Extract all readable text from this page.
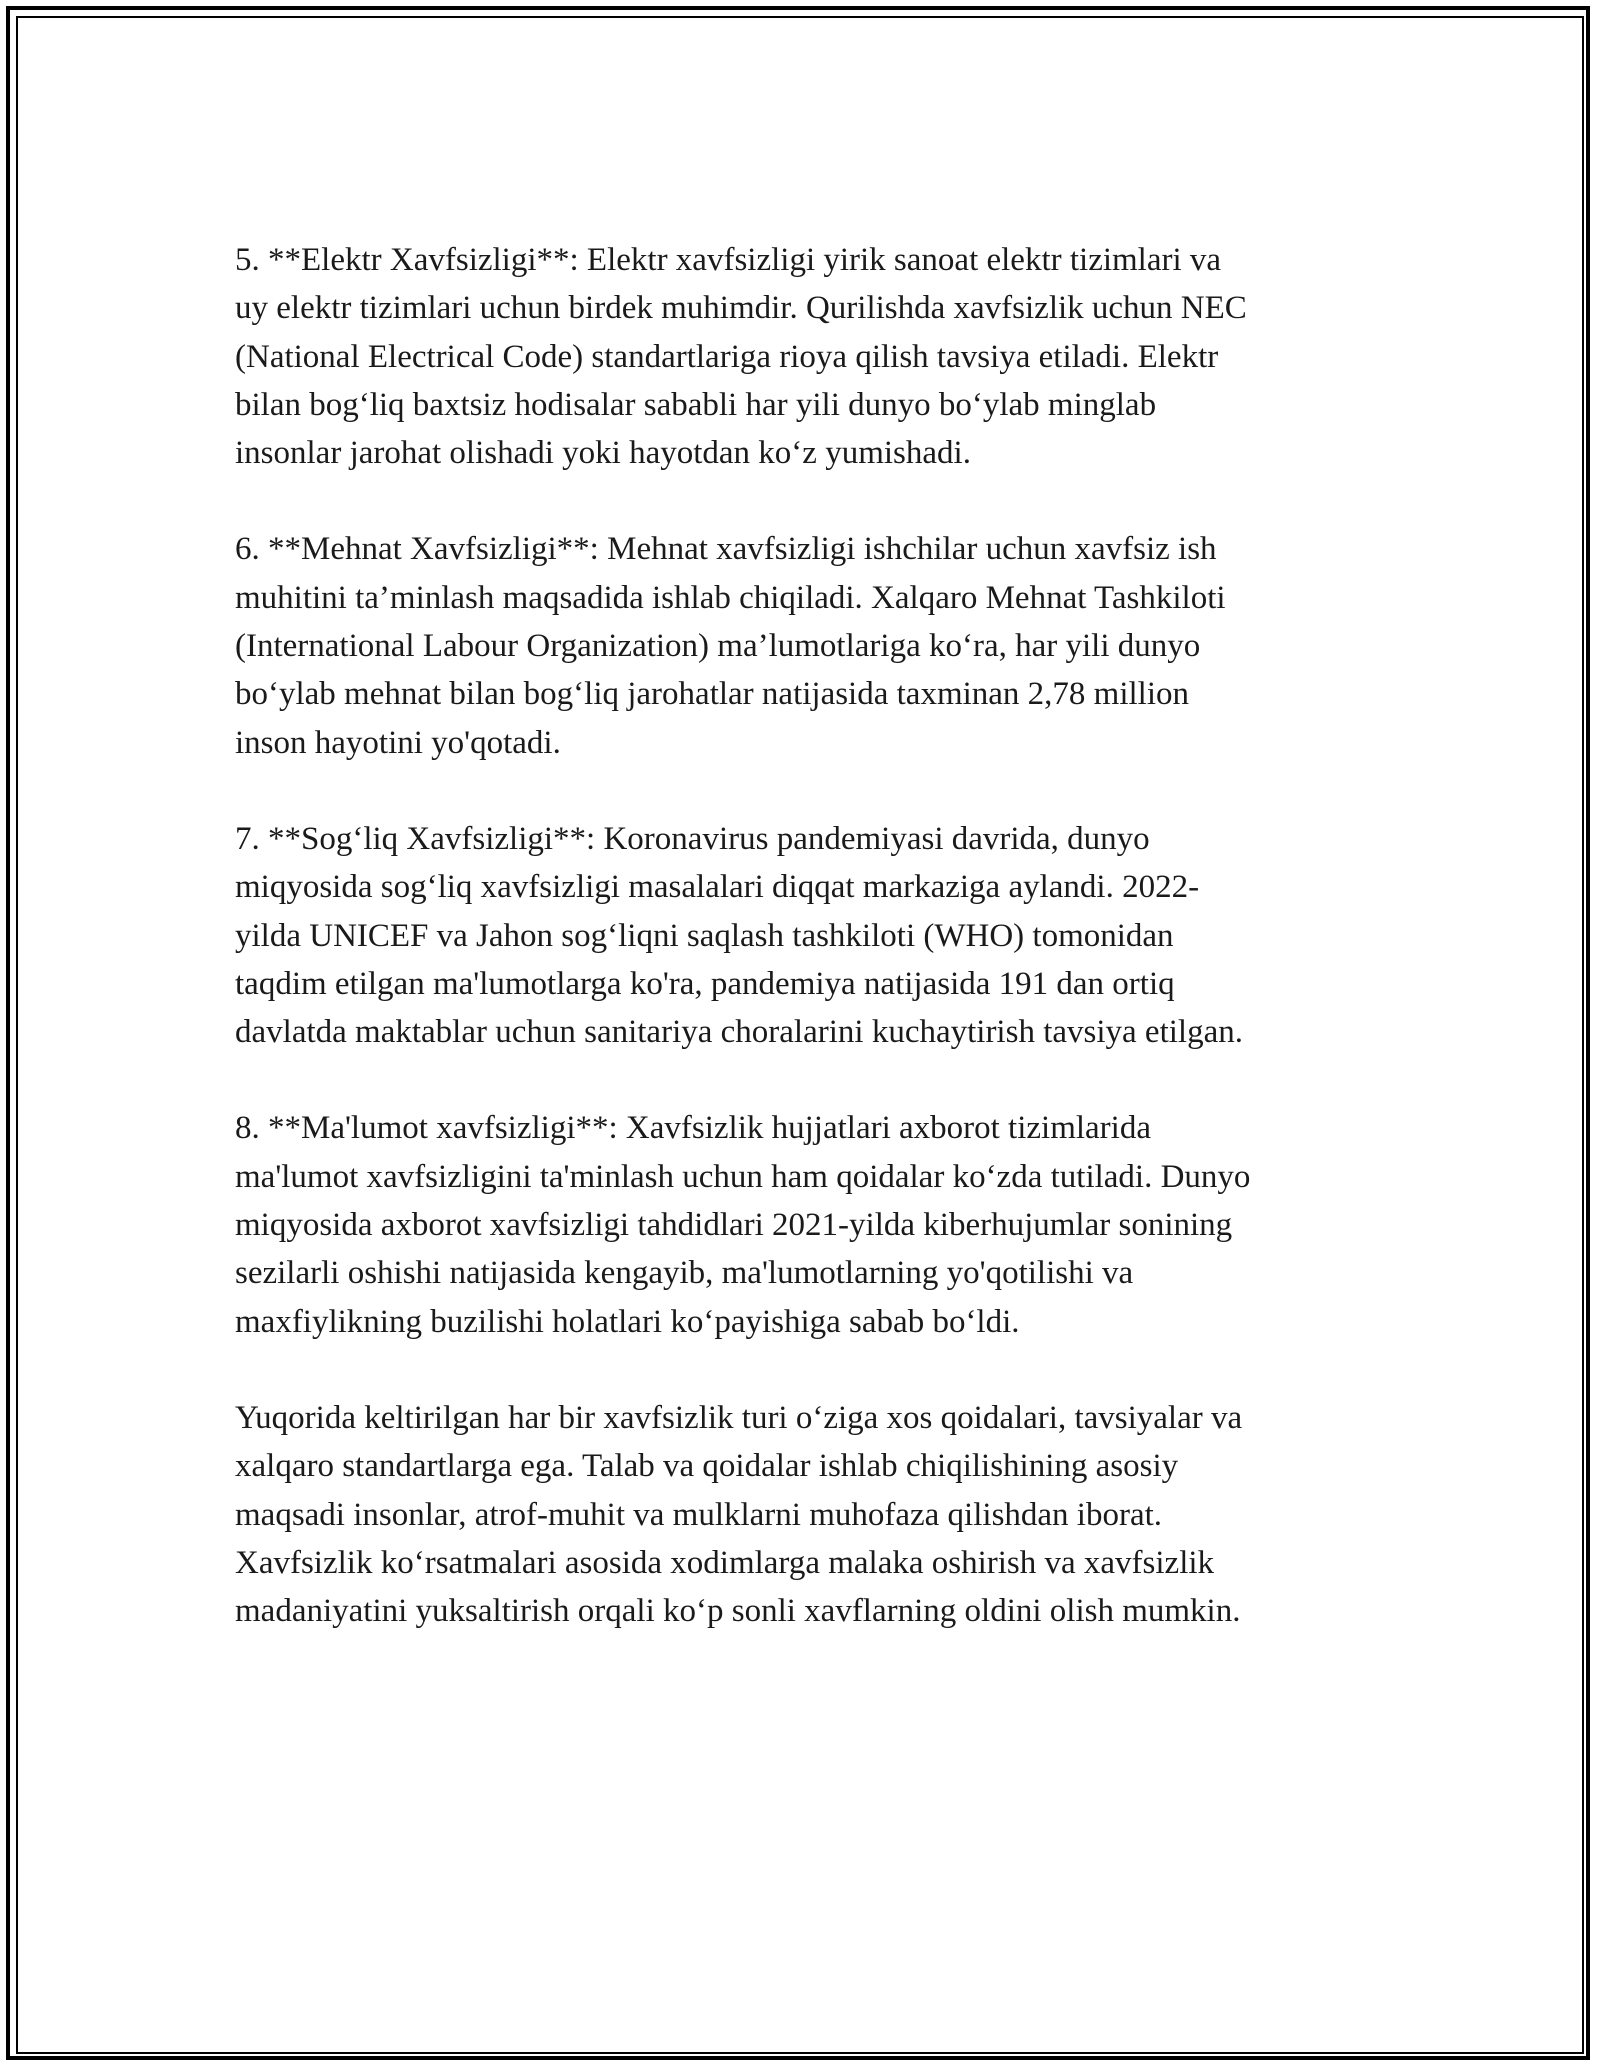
5. **Elektr Xavfsizligi**: Elektr xavfsizligi yirik sanoat elektr tizimlari va
uy elektr tizimlari uchun birdek muhimdir. Qurilishda xavfsizlik uchun NEC
(National Electrical Code) standartlariga rioya qilish tavsiya etiladi. Elektr
bilan bog‘liq baxtsiz hodisalar sababli har yili dunyo bo‘ylab minglab
insonlar jarohat olishadi yoki hayotdan ko‘z yumishadi.

6. **Mehnat Xavfsizligi**: Mehnat xavfsizligi ishchilar uchun xavfsiz ish
muhitini ta’minlash maqsadida ishlab chiqiladi. Xalqaro Mehnat Tashkiloti
(International Labour Organization) ma’lumotlariga ko‘ra, har yili dunyo
bo‘ylab mehnat bilan bog‘liq jarohatlar natijasida taxminan 2,78 million
inson hayotini yo'qotadi.

7. **Sog‘liq Xavfsizligi**: Koronavirus pandemiyasi davrida, dunyo
miqyosida sog‘liq xavfsizligi masalalari diqqat markaziga aylandi. 2022-
yilda UNICEF va Jahon sog‘liqni saqlash tashkiloti (WHO) tomonidan
taqdim etilgan ma'lumotlarga ko'ra, pandemiya natijasida 191 dan ortiq
davlatda maktablar uchun sanitariya choralarini kuchaytirish tavsiya etilgan.

8. **Ma'lumot xavfsizligi**: Xavfsizlik hujjatlari axborot tizimlarida
ma'lumot xavfsizligini ta'minlash uchun ham qoidalar ko‘zda tutiladi. Dunyo
miqyosida axborot xavfsizligi tahdidlari 2021-yilda kiberhujumlar sonining
sezilarli oshishi natijasida kengayib, ma'lumotlarning yo'qotilishi va
maxfiylikning buzilishi holatlari ko‘payishiga sabab bo‘ldi.

Yuqorida keltirilgan har bir xavfsizlik turi o‘ziga xos qoidalari, tavsiyalar va
xalqaro standartlarga ega. Talab va qoidalar ishlab chiqilishining asosiy
maqsadi insonlar, atrof-muhit va mulklarni muhofaza qilishdan iborat.
Xavfsizlik ko‘rsatmalari asosida xodimlarga malaka oshirish va xavfsizlik
madaniyatini yuksaltirish orqali ko‘p sonli xavflarning oldini olish mumkin.
